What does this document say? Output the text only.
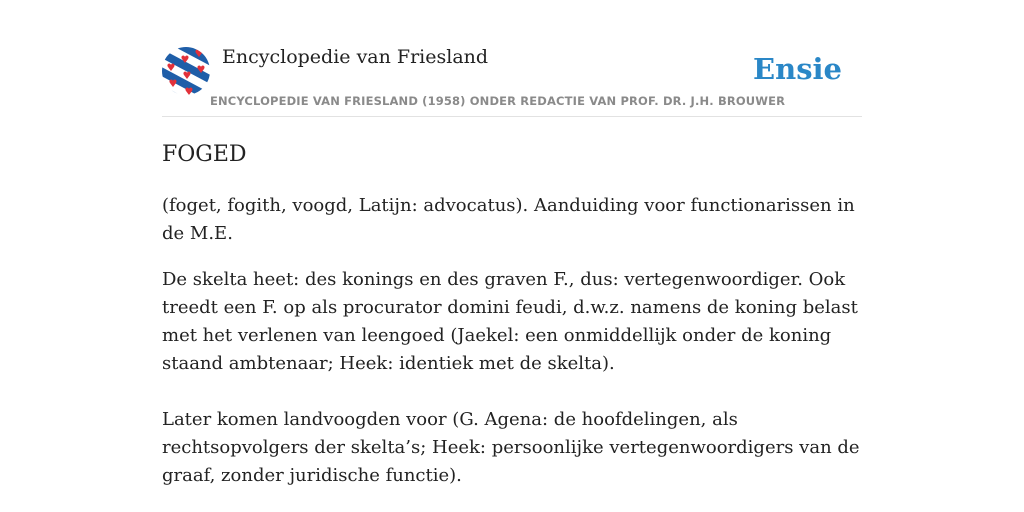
Encyclopedie van Friesland
ENCYCLOPEDIE VAN FRIESLAND (1958) ONDER REDACTIE VAN PROF. DR. J.H. BROUWER
Ensie
FOGED

(foget, fogith, voogd, Latijn: advocatus). Aanduiding voor functionarissen in de M.E.

De skelta heet: des konings en des graven F., dus: vertegenwoordiger. Ook treedt een F. op als procurator domini feudi, d.w.z. namens de koning belast met het verlenen van leengoed (Jaekel: een onmiddellijk onder de koning staand ambtenaar; Heek: identiek met de skelta).

Later komen landvoogden voor (G. Agena: de hoofdelingen, als rechtsopvolgers der skelta’s; Heek: persoonlijke vertegenwoordigers van de graaf, zonder juridische functie).
